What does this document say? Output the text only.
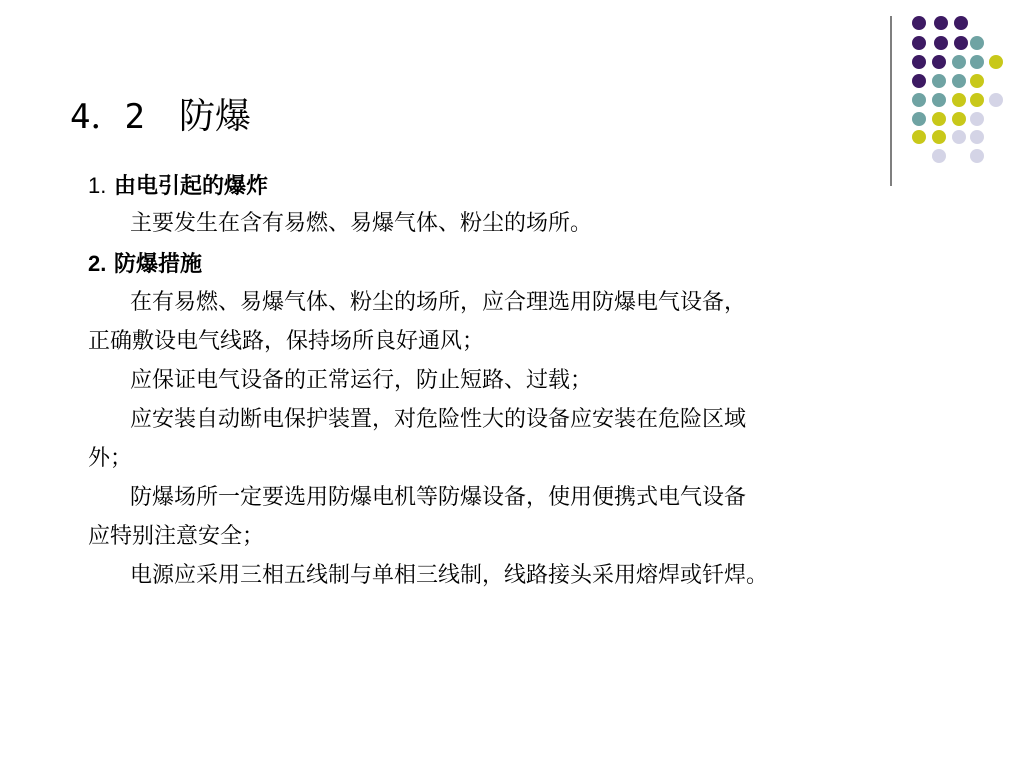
4．2 防爆
1. 由电引起的爆炸
主要发生在含有易燃、易爆气体、粉尘的场所。
2. 防爆措施
在有易燃、易爆气体、粉尘的场所，应合理选用防爆电气设备，
正确敷设电气线路，保持场所良好通风；
应保证电气设备的正常运行，防止短路、过载；
应安装自动断电保护装置，对危险性大的设备应安装在危险区域
外；
防爆场所一定要选用防爆电机等防爆设备，使用便携式电气设备
应特别注意安全；
电源应采用三相五线制与单相三线制，线路接头采用熔焊或钎焊。
